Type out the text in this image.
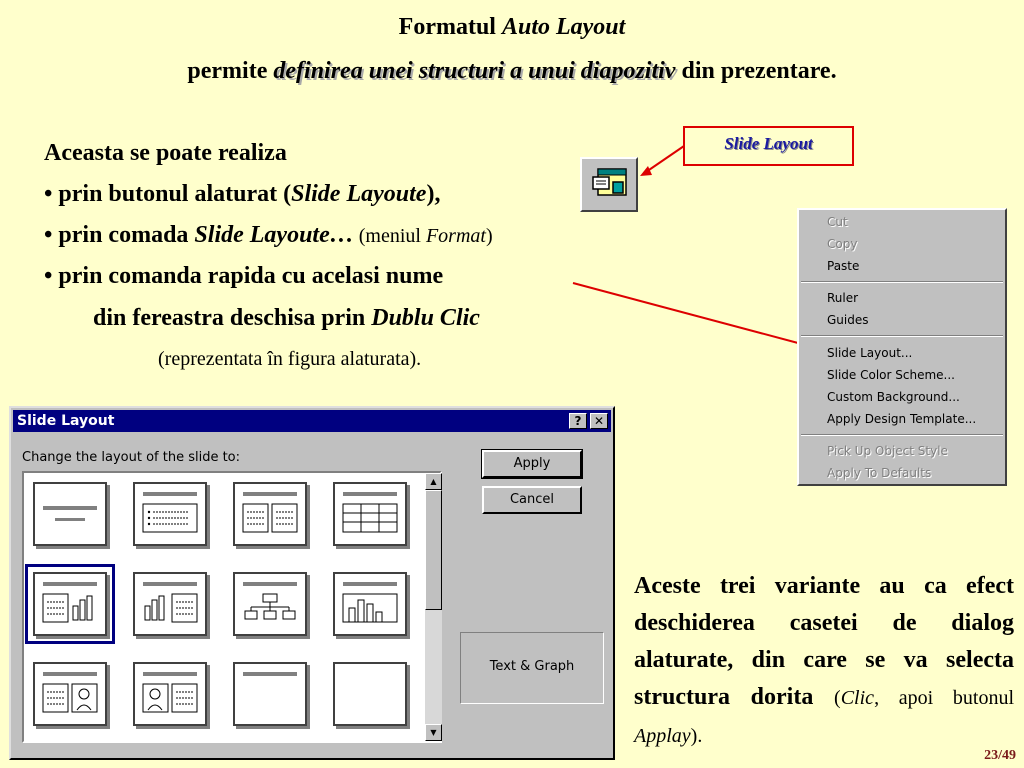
Formatul Auto Layout
permite definirea unei structuri a unui diapozitiv din prezentare.
Aceasta se poate realiza
• prin butonul alaturat (Slide Layoute),
• prin comada Slide Layoute… (meniul Format)
• prin comanda rapida cu acelasi nume
din fereastra deschisa prin Dublu Clic
(reprezentata în figura alaturata).
Slide Layout
Cut
Copy
Paste
Ruler
Guides
Slide Layout...
Slide Color Scheme...
Custom Background...
Apply Design Template...
Pick Up Object Style
Apply To Defaults
Slide Layout	?	✕
Change the layout of the slide to:
▲
▼
Apply
Cancel
Text & Graph
Aceste trei variante au ca efect deschiderea casetei de dialog alaturate, din care se va selecta structura dorita (Clic, apoi butonul Applay).
23/49
